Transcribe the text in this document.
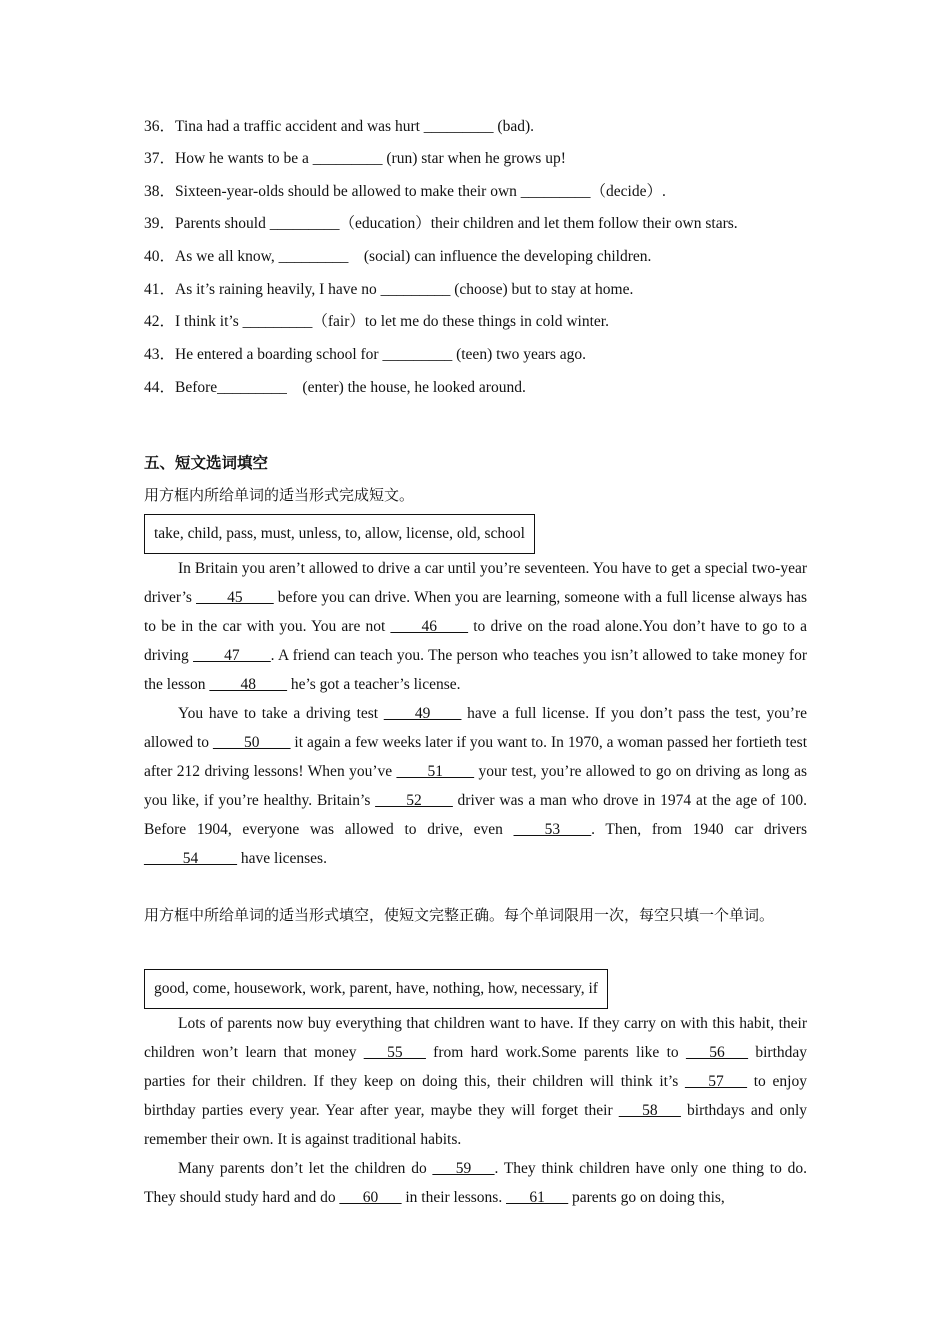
36．Tina had a traffic accident and was hurt _________ (bad).
37．How he wants to be a _________ (run) star when he grows up!
38．Sixteen-year-olds should be allowed to make their own _________（decide）.
39．Parents should _________（education）their children and let them follow their own stars.
40．As we all know, _________    (social) can influence the developing children.
41．As it’s raining heavily, I have no _________ (choose) but to stay at home.
42．I think it’s _________（fair）to let me do these things in cold winter.
43．He entered a boarding school for _________ (teen) two years ago.
44．Before_________    (enter) the house, he looked around.
五、短文选词填空
用方框内所给单词的适当形式完成短文。
take, child, pass, must, unless, to, allow, license, old, school
In Britain you aren’t allowed to drive a car until you’re seventeen. You have to get a special two-year driver’s ____45____ before you can drive. When you are learning, someone with a full license always has to be in the car with you. You are not ____46____ to drive on the road alone.You don’t have to go to a driving ____47____. A friend can teach you. The person who teaches you isn’t allowed to take money for the lesson ____48____ he’s got a teacher’s license.
You have to take a driving test ____49____ have a full license. If you don’t pass the test, you’re allowed to ____50____ it again a few weeks later if you want to. In 1970, a woman passed her fortieth test after 212 driving lessons! When you’ve ____51____ your test, you’re allowed to go on driving as long as you like, if you’re healthy. Britain’s ____52____ driver was a man who drove in 1974 at the age of 100. Before 1904, everyone was allowed to drive, even ____53____. Then, from 1940 car drivers _____54_____ have licenses.
用方框中所给单词的适当形式填空，使短文完整正确。每个单词限用一次，每空只填一个单词。
good, come, housework, work, parent, have, nothing, how, necessary, if
Lots of parents now buy everything that children want to have. If they carry on with this habit, their children won’t learn that money ___55___ from hard work.Some parents like to ___56___ birthday parties for their children. If they keep on doing this, their children will think it’s ___57___ to enjoy birthday parties every year. Year after year, maybe they will forget their ___58___ birthdays and only remember their own. It is against traditional habits.
Many parents don’t let the children do ___59___. They think children have only one thing to do. They should study hard and do ___60___ in their lessons. ___61___ parents go on doing this,
